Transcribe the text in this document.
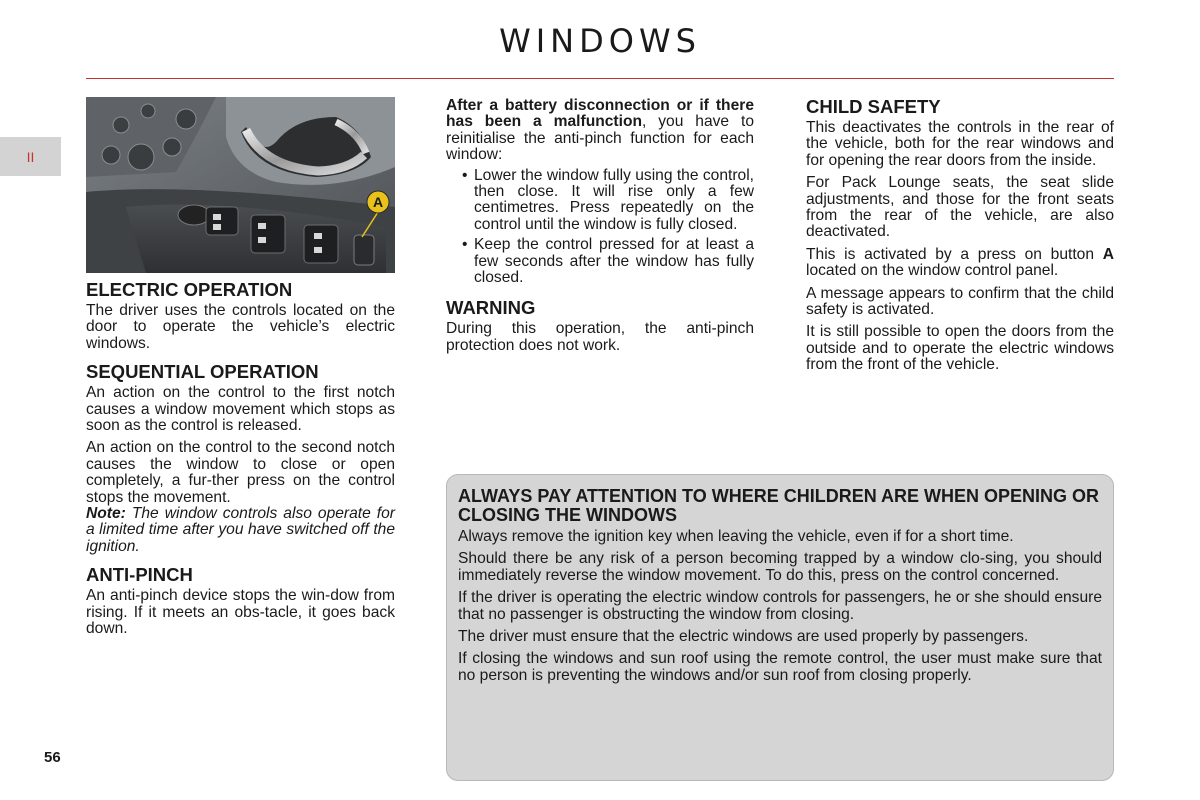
WINDOWS
II
A
ELECTRIC OPERATION

The driver uses the controls located on the door to operate the vehicle’s electric windows.

SEQUENTIAL OPERATION

An action on the control to the first notch causes a window movement which stops as soon as the control is released.

An action on the control to the second notch causes the window to close or open completely, a fur-ther press on the control stops the movement.

Note: The window controls also operate for a limited time after you have switched off the ignition.

ANTI-PINCH

An anti-pinch device stops the win-dow from rising. If it meets an obs-tacle, it goes back down.

After a battery disconnection or if there has been a malfunction, you have to reinitialise the anti-pinch function for each window:

• Lower the window fully using the control, then close. It will rise only a few centimetres. Press repeatedly on the control until the window is fully closed.
• Keep the control pressed for at least a few seconds after the window has fully closed.
WARNING

During this operation, the anti-pinch protection does not work.

CHILD SAFETY

This deactivates the controls in the rear of the vehicle, both for the rear windows and for opening the rear doors from the inside.

For Pack Lounge seats, the seat slide adjustments, and those for the front seats from the rear of the vehicle, are also deactivated.

This is activated by a press on button A located on the window control panel.

A message appears to confirm that the child safety is activated.

It is still possible to open the doors from the outside and to operate the electric windows from the front of the vehicle.

ALWAYS PAY ATTENTION TO WHERE CHILDREN ARE WHEN OPENING OR CLOSING THE WINDOWS

Always remove the ignition key when leaving the vehicle, even if for a short time.

Should there be any risk of a person becoming trapped by a window clo-sing, you should immediately reverse the window movement. To do this, press on the control concerned.

If the driver is operating the electric window controls for passengers, he or she should ensure that no passenger is obstructing the window from closing.

The driver must ensure that the electric windows are used properly by passengers.

If closing the windows and sun roof using the remote control, the user must make sure that no person is preventing the windows and/or sun roof from closing properly.

56
